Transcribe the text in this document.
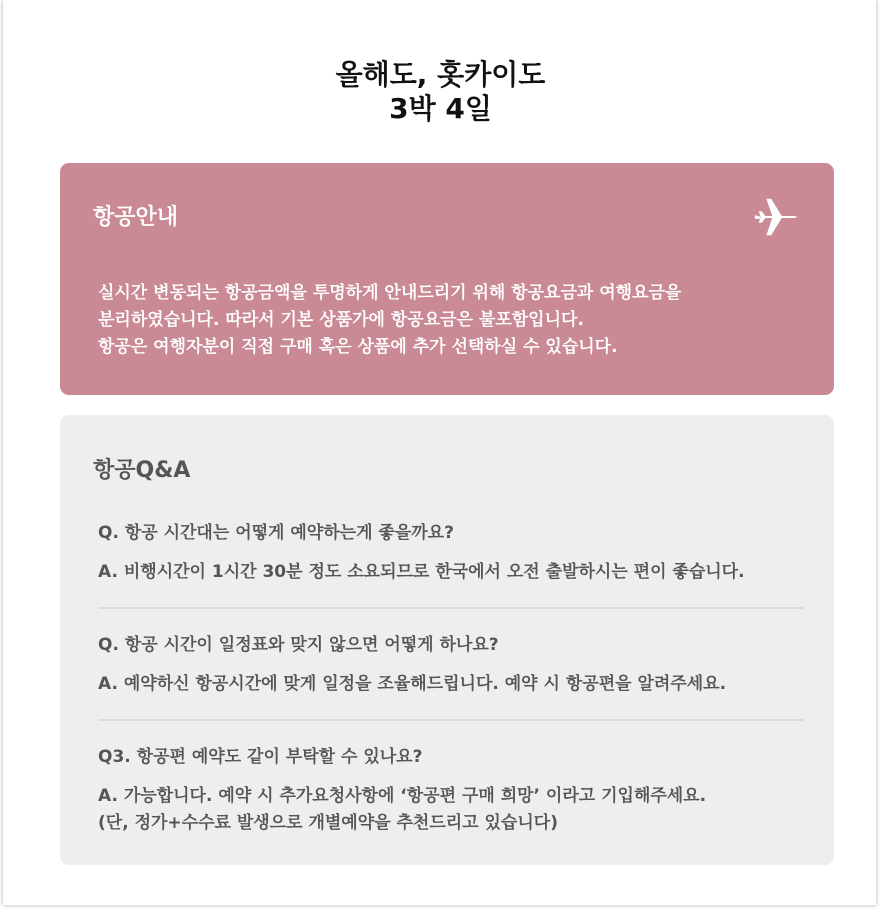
올해도, 홋카이도
3박 4일
항공안내
실시간 변동되는 항공금액을 투명하게 안내드리기 위해 항공요금과 여행요금을
분리하였습니다. 따라서 기본 상품가에 항공요금은 불포함입니다.
항공은 여행자분이 직접 구매 혹은 상품에 추가 선택하실 수 있습니다.
항공Q&A
Q. 항공 시간대는 어떻게 예약하는게 좋을까요?
A. 비행시간이 1시간 30분 정도 소요되므로 한국에서 오전 출발하시는 편이 좋습니다.
Q. 항공 시간이 일정표와 맞지 않으면 어떻게 하나요?
A. 예약하신 항공시간에 맞게 일정을 조율해드립니다. 예약 시 항공편을 알려주세요.
Q3. 항공편 예약도 같이 부탁할 수 있나요?
A. 가능합니다. 예약 시 추가요청사항에 ‘항공편 구매 희망’ 이라고 기입해주세요.
(단, 정가+수수료 발생으로 개별예약을 추천드리고 있습니다)
